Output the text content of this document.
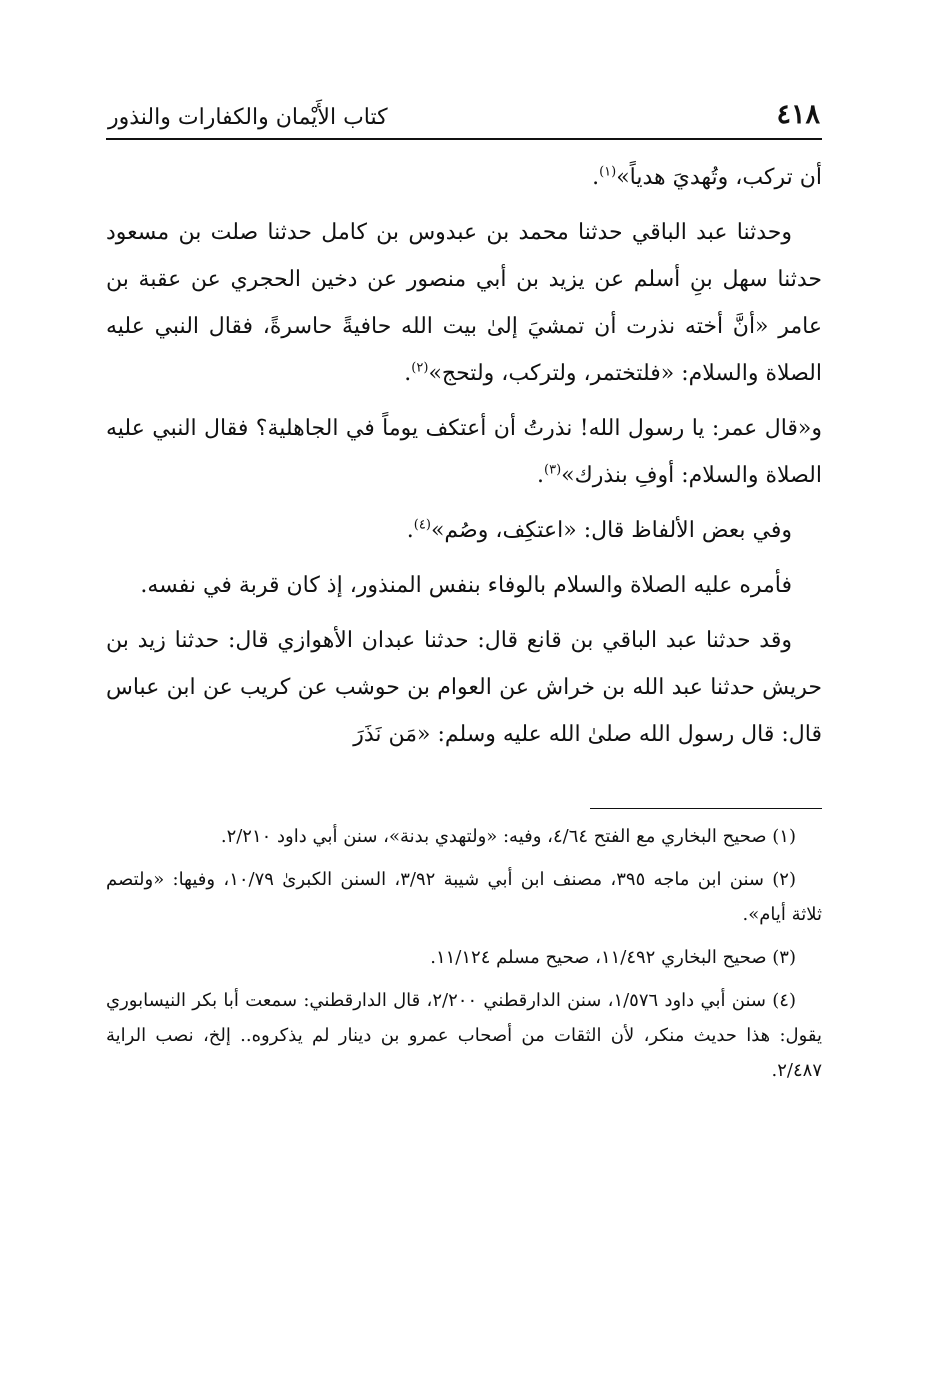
٤١٨
كتاب الأَيْمان والكفارات والنذور

أن تركب، وتُهديَ هدياً»$^{(١)}$.

وحدثنا عبد الباقي حدثنا محمد بن عبدوس بن كامل حدثنا صلت بن مسعود حدثنا سهل بنِ أسلم عن يزيد بن أبي منصور عن دخين الحجري عن عقبة بن عامر «أنَّ أخته نذرت أن تمشيَ إلىٰ بيت الله حافيةً حاسرةً، فقال النبي عليه الصلاة والسلام: «فلتختمر، ولتركب، ولتحج»$^{(٢)}$.

و«قال عمر: يا رسول الله! نذرتُ أن أعتكف يوماً في الجاهلية؟ فقال النبي عليه الصلاة والسلام: أوفِ بنذرك»$^{(٣)}$.

وفي بعض الألفاظ قال: «اعتكِف، وصُم»$^{(٤)}$.

فأمره عليه الصلاة والسلام بالوفاء بنفس المنذور، إذ كان قربة في نفسه.

وقد حدثنا عبد الباقي بن قانع قال: حدثنا عبدان الأهوازي قال: حدثنا زيد بن حريش حدثنا عبد الله بن خراش عن العوام بن حوشب عن كريب عن ابن عباس قال: قال رسول الله صلىٰ الله عليه وسلم: «مَن نَذَرَ

(١) صحيح البخاري مع الفتح ٤/٦٤، وفيه: «ولتهدي بدنة»، سنن أبي داود ٢/٢١٠.

(٢) سنن ابن ماجه ٣٩٥، مصنف ابن أبي شيبة ٣/٩٢، السنن الكبرىٰ ١٠/٧٩، وفيها: «ولتصم ثلاثة أيام».

(٣) صحيح البخاري ١١/٤٩٢، صحيح مسلم ١١/١٢٤.

(٤) سنن أبي داود ١/٥٧٦، سنن الدارقطني ٢/٢٠٠، قال الدارقطني: سمعت أبا بكر النيسابوري يقول: هذا حديث منكر، لأن الثقات من أصحاب عمرو بن دينار لم يذكروه.. إلخ، نصب الراية ٢/٤٨٧.
